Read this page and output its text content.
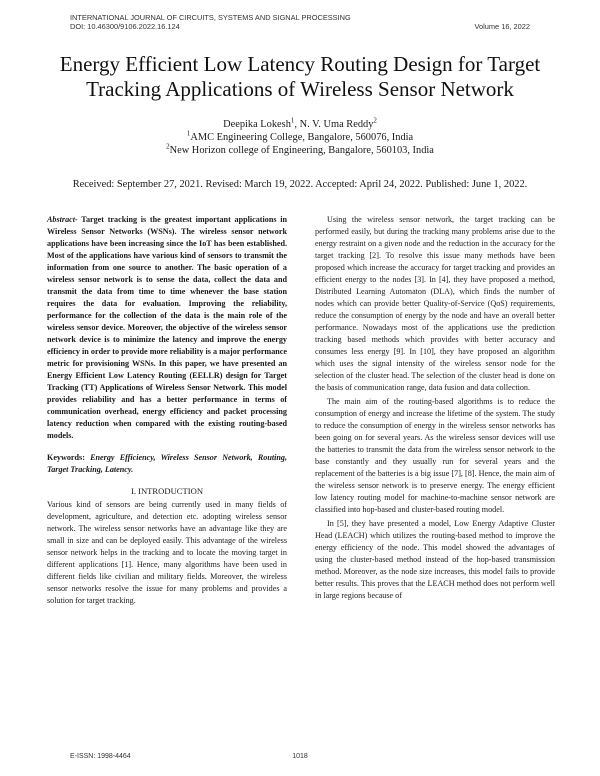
INTERNATIONAL JOURNAL OF CIRCUITS, SYSTEMS AND SIGNAL PROCESSING
DOI: 10.46300/9106.2022.16.124	Volume 16, 2022
Energy Efficient Low Latency Routing Design for Target
Tracking Applications of Wireless Sensor Network
Deepika Lokesh$^1$, N. V. Uma Reddy$^2$
$^1$AMC Engineering College, Bangalore, 560076, India
$^2$New Horizon college of Engineering, Bangalore, 560103, India
Received: September 27, 2021. Revised: March 19, 2022. Accepted: April 24, 2022. Published: June 1, 2022.

Abstract- Target tracking is the greatest important applications in Wireless Sensor Networks (WSNs). The wireless sensor network applications have been increasing since the IoT has been established. Most of the applications have various kind of sensors to transmit the information from one source to another. The basic operation of a wireless sensor network is to sense the data, collect the data and transmit the data from time to time whenever the base station requires the data for evaluation. Improving the reliability, performance for the collection of the data is the main role of the wireless sensor device. Moreover, the objective of the wireless sensor network device is to minimize the latency and improve the energy efficiency in order to provide more reliability is a major performance metric for provisioning WSNs. In this paper, we have presented an Energy Efficient Low Latency Routing (EELLR) design for Target Tracking (TT) Applications of Wireless Sensor Network. This model provides reliability and has a better performance in terms of communication overhead, energy efficiency and packet processing latency reduction when compared with the existing routing-based models.

Keywords: Energy Efficiency, Wireless Sensor Network, Routing, Target Tracking, Latency.

I. INTRODUCTION

Various kind of sensors are being currently used in many fields of development, agriculture, and detection etc. adopting wireless sensor network. The wireless sensor networks have an advantage like they are small in size and can be deployed easily. This advantage of the wireless sensor network helps in the tracking and to locate the moving target in different applications [1]. Hence, many algorithms have been used in different fields like civilian and military fields. Moreover, the wireless sensor networks resolve the issue for many problems and provides a solution for target tracking.

Using the wireless sensor network, the target tracking can be performed easily, but during the tracking many problems arise due to the energy restraint on a given node and the reduction in the accuracy for the target tracking [2]. To resolve this issue many methods have been proposed which increase the accuracy for target tracking and provides an efficient energy to the nodes [3]. In [4], they have proposed a method, Distributed Learning Automaton (DLA), which finds the number of nodes which can provide better Quality-of-Service (QoS) requirements, reduce the consumption of energy by the node and have an overall better performance. Nowadays most of the applications use the prediction tracking based methods which provides with better accuracy and consumes less energy [9]. In [10], they have proposed an algorithm which uses the signal intensity of the wireless sensor node for the selection of the cluster head. The selection of the cluster head is done on the basis of communication range, data fusion and data collection.

The main aim of the routing-based algorithms is to reduce the consumption of energy and increase the lifetime of the system. The study to reduce the consumption of energy in the wireless sensor networks has been going on for several years. As the wireless sensor devices will use the batteries to transmit the data from the wireless sensor network to the base constantly and they usually run for several years and the replacement of the batteries is a big issue [7], [8]. Hence, the main aim of the wireless sensor network is to preserve energy. The energy efficient low latency routing model for machine-to-machine sensor network are classified into hop-based and cluster-based routing model.

In [5], they have presented a model, Low Energy Adaptive Cluster Head (LEACH) which utilizes the routing-based method to improve the energy efficiency of the node. This model showed the advantages of using the cluster-based method instead of the hop-based transmission method. Moreover, as the node size increases, this model fails to provide better results. This proves that the LEACH method does not perform well in large regions because of

E-ISSN: 1998-4464	1018
